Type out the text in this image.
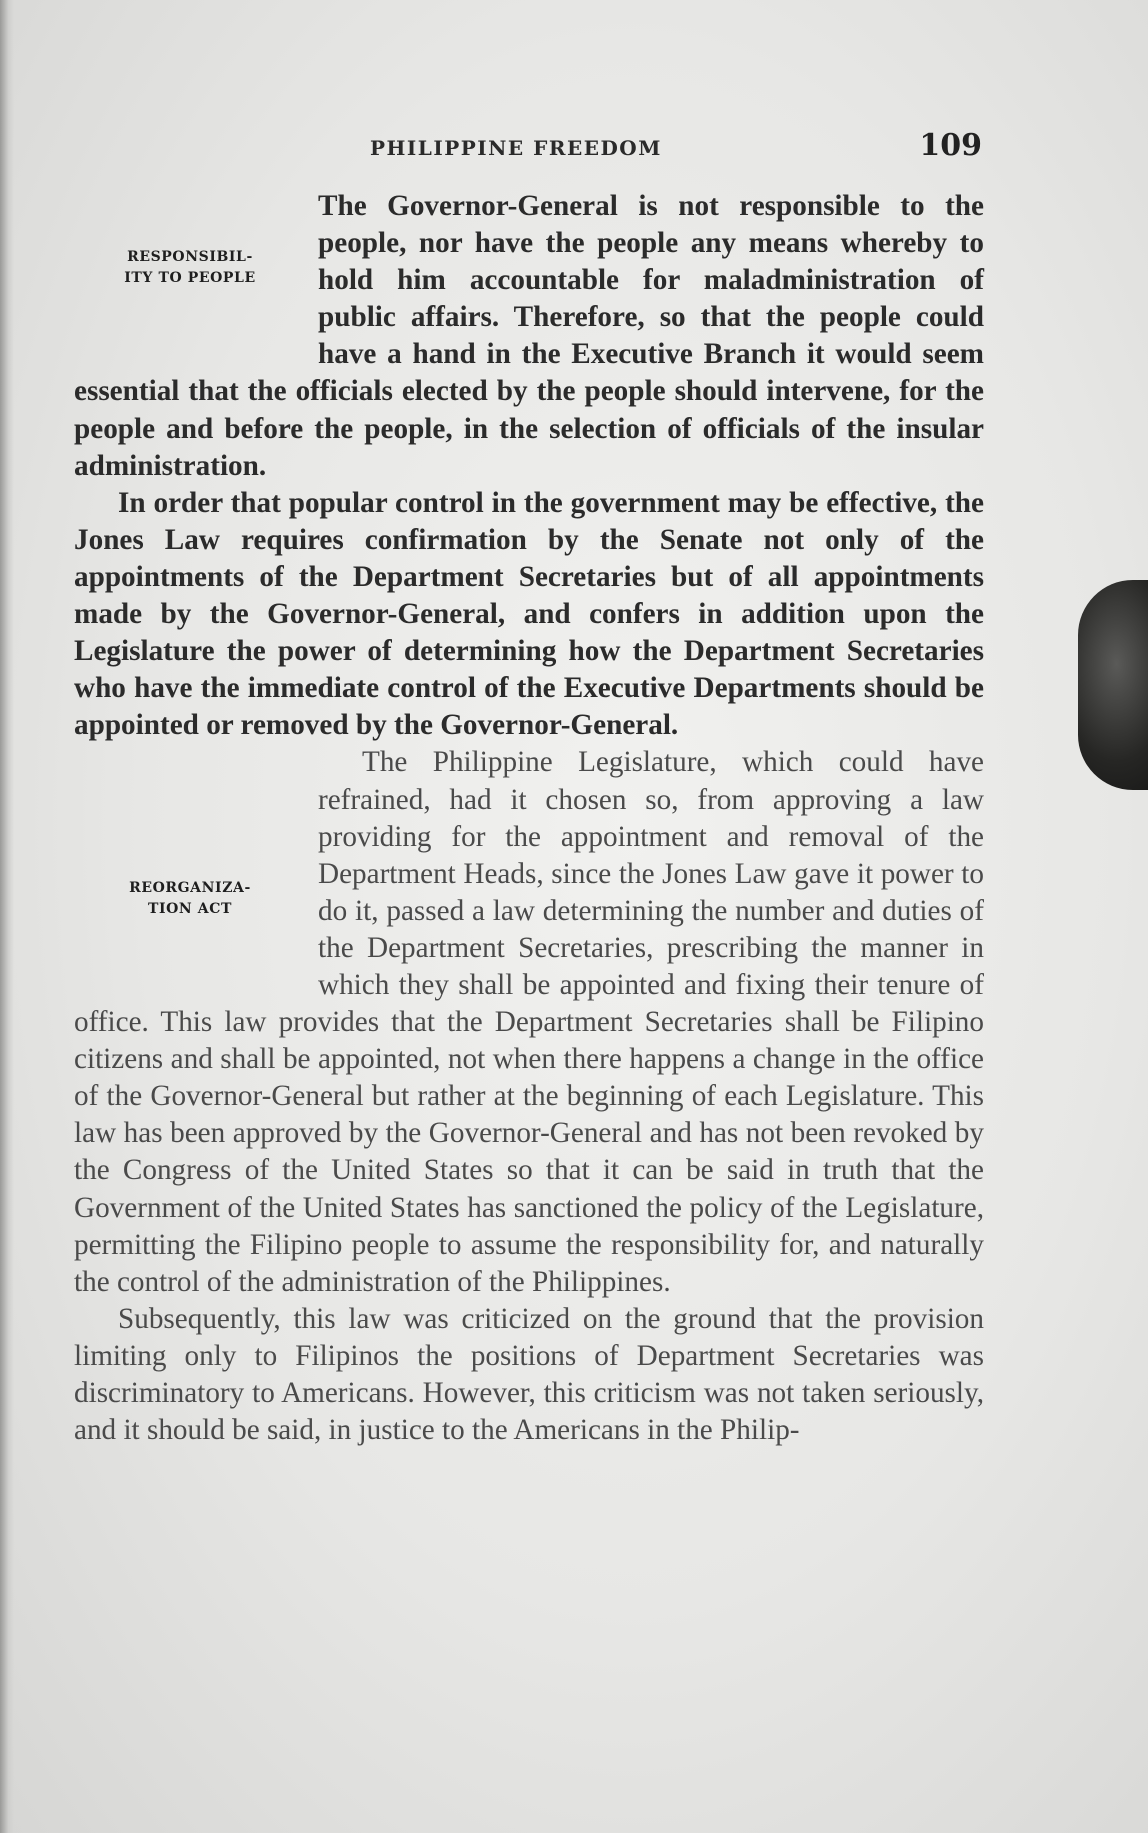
PHILIPPINE FREEDOM	109
RESPONSIBIL-
ITY TO PEOPLE

The Governor-General is not responsible to the people, nor have the people any means whereby to hold him accountable for maladministration of public affairs. Therefore, so that the people could have a hand in the Executive Branch it would seem essential that the officials elected by the people should intervene, for the people and before the people, in the selection of officials of the insular administration.

In order that popular control in the government may be effective, the Jones Law requires confirmation by the Senate not only of the appointments of the Department Secretaries but of all appointments made by the Governor-General, and confers in addition upon the Legislature the power of determining how the Department Secretaries who have the immediate control of the Executive Departments should be appointed or removed by the Governor-General.

REORGANIZA-
TION ACT

The Philippine Legislature, which could have refrained, had it chosen so, from approving a law providing for the appointment and removal of the Department Heads, since the Jones Law gave it power to do it, passed a law determining the number and duties of the Department Secretaries, prescribing the manner in which they shall be appointed and fixing their tenure of office. This law provides that the Department Secretaries shall be Filipino citizens and shall be appointed, not when there happens a change in the office of the Governor-General but rather at the beginning of each Legislature. This law has been approved by the Governor-General and has not been revoked by the Congress of the United States so that it can be said in truth that the Government of the United States has sanctioned the policy of the Legislature, permitting the Filipino people to assume the responsibility for, and naturally the control of the administration of the Philippines.

Subsequently, this law was criticized on the ground that the provision limiting only to Filipinos the positions of Department Secretaries was discriminatory to Americans. However, this criticism was not taken seriously, and it should be said, in justice to the Americans in the Philip-
